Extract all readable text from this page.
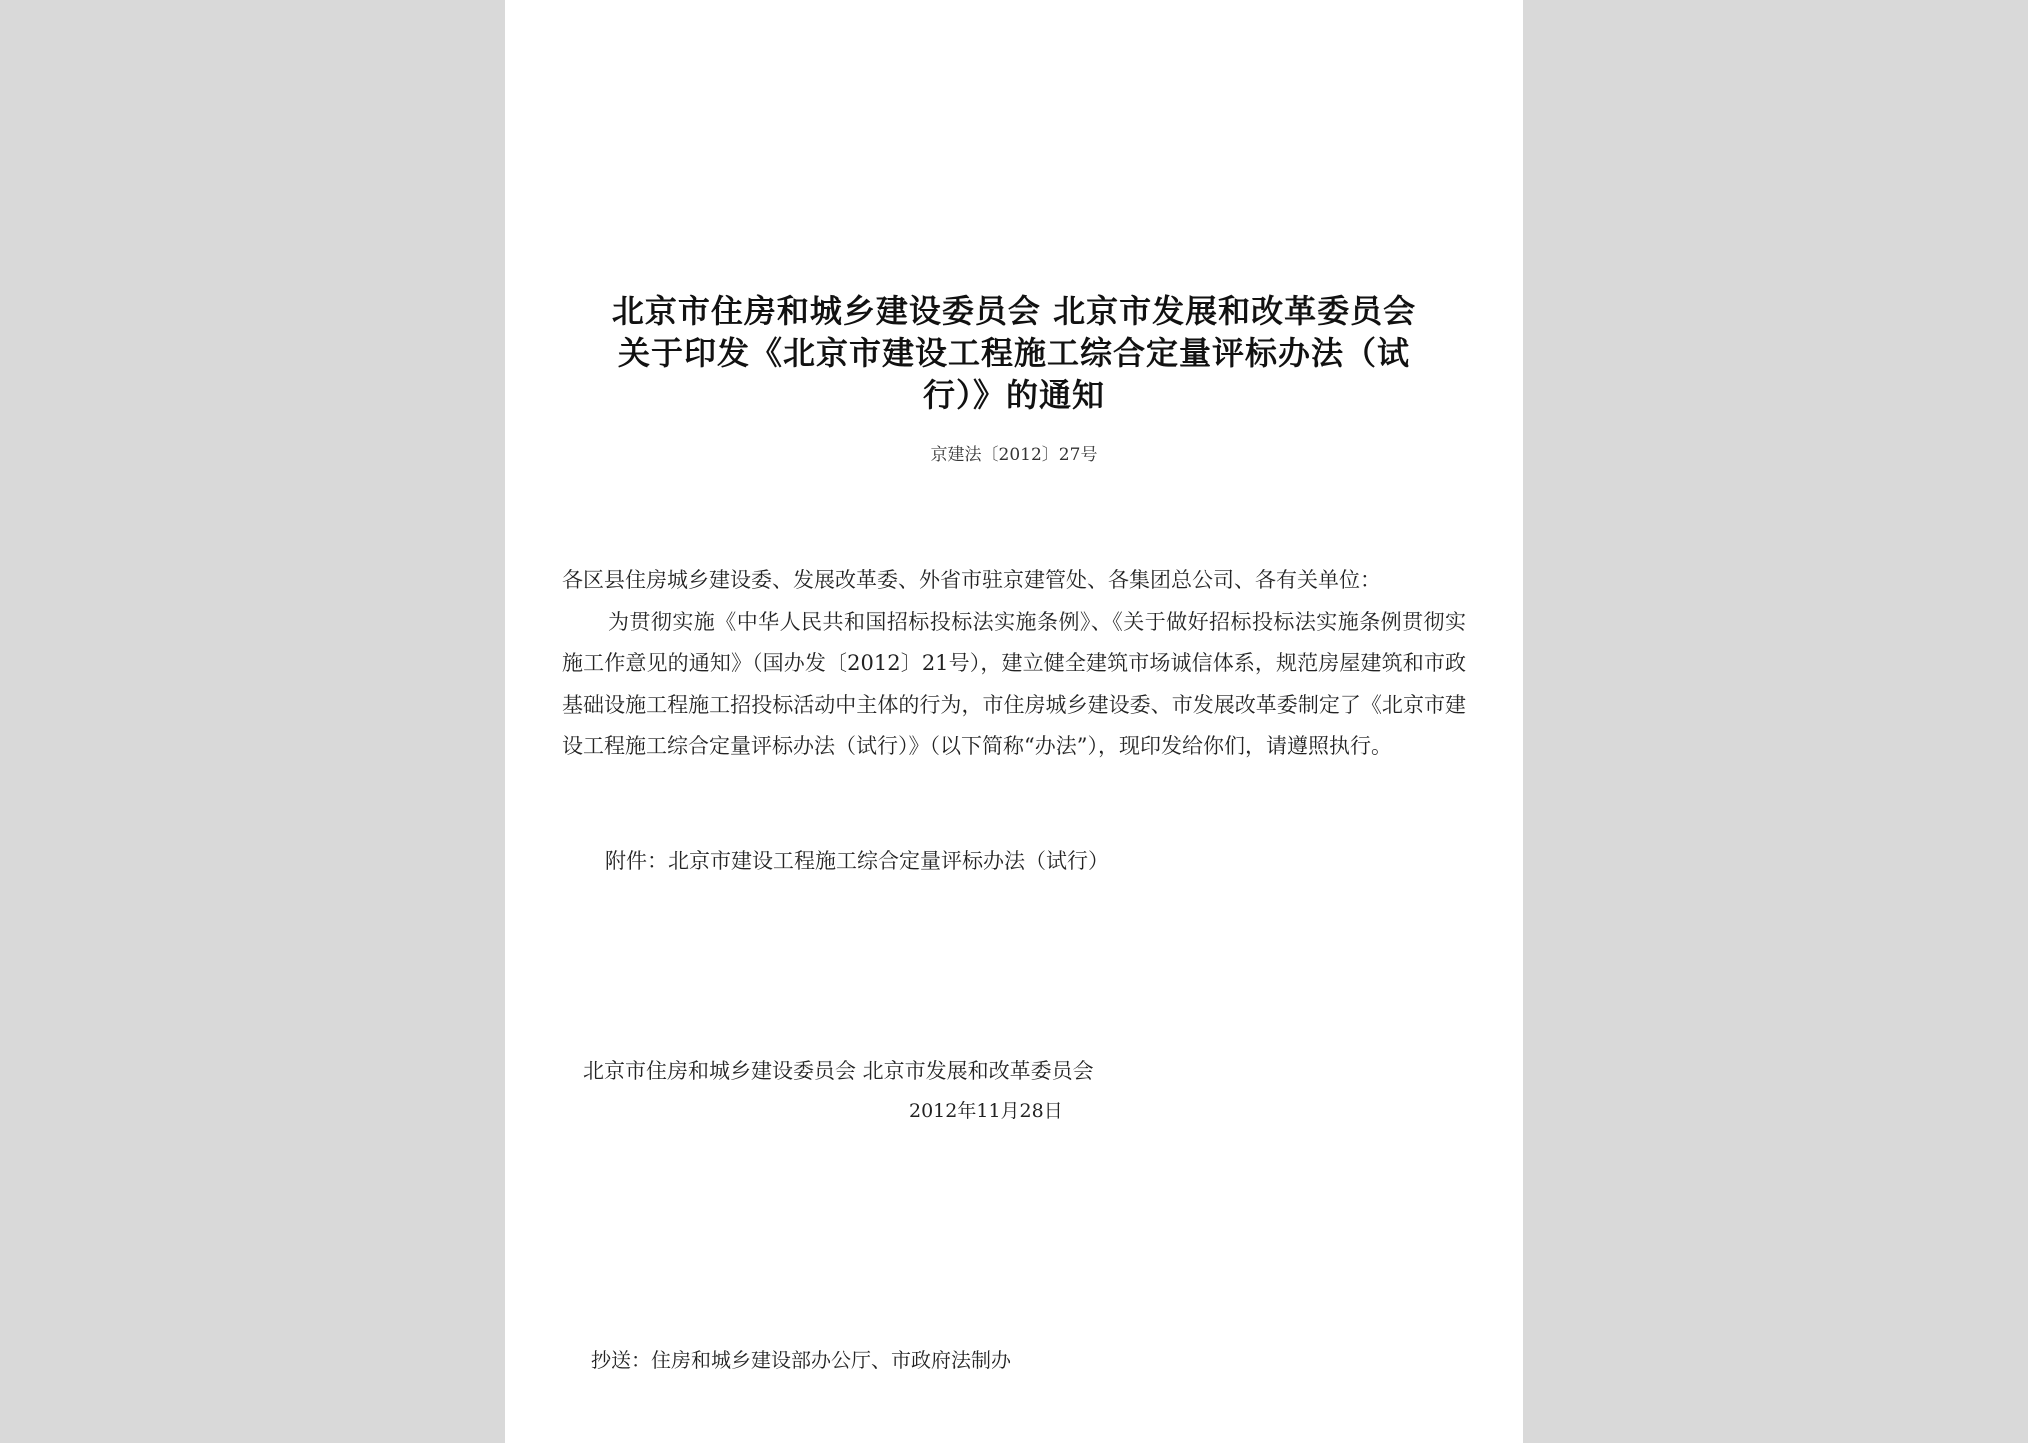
北京市住房和城乡建设委员会 北京市发展和改革委员会
关于印发《北京市建设工程施工综合定量评标办法（试
行）》的通知
京建法〔2012〕27号

各区县住房城乡建设委、发展改革委、外省市驻京建管处、各集团总公司、各有关单位：

为贯彻实施《中华人民共和国招标投标法实施条例》、《关于做好招标投标法实施条例贯彻实施工作意见的通知》（国办发〔2012〕21号），建立健全建筑市场诚信体系，规范房屋建筑和市政基础设施工程施工招投标活动中主体的行为，市住房城乡建设委、市发展改革委制定了《北京市建设工程施工综合定量评标办法（试行）》（以下简称“办法”），现印发给你们，请遵照执行。

附件：北京市建设工程施工综合定量评标办法（试行）
北京市住房和城乡建设委员会 北京市发展和改革委员会
2012年11月28日
抄送：住房和城乡建设部办公厅、市政府法制办
